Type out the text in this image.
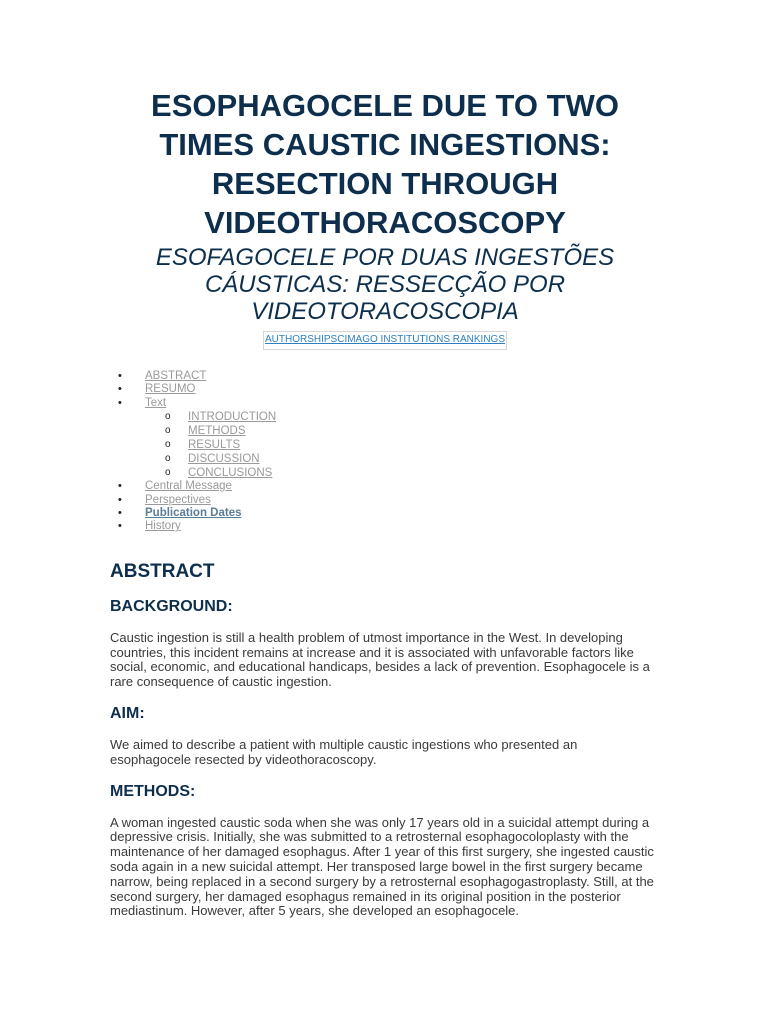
ESOPHAGOCELE DUE TO TWO TIMES CAUSTIC INGESTIONS: RESECTION THROUGH VIDEOTHORACOSCOPY
ESOFAGOCELE POR DUAS INGESTÕES CÁUSTICAS: RESSECÇÃO POR VIDEOTORACOSCOPIA
AUTHORSHIPSCIMAGO INSTITUTIONS RANKINGS
• ABSTRACT
• RESUMO
• Text
o INTRODUCTION
o METHODS
o RESULTS
o DISCUSSION
o CONCLUSIONS
• Central Message
• Perspectives
• Publication Dates
• History
ABSTRACT
BACKGROUND:

Caustic ingestion is still a health problem of utmost importance in the West. In developing countries, this incident remains at increase and it is associated with unfavorable factors like social, economic, and educational handicaps, besides a lack of prevention. Esophagocele is a rare consequence of caustic ingestion.

AIM:

We aimed to describe a patient with multiple caustic ingestions who presented an esophagocele resected by videothoracoscopy.

METHODS:

A woman ingested caustic soda when she was only 17 years old in a suicidal attempt during a depressive crisis. Initially, she was submitted to a retrosternal esophagocoloplasty with the maintenance of her damaged esophagus. After 1 year of this first surgery, she ingested caustic soda again in a new suicidal attempt. Her transposed large bowel in the first surgery became narrow, being replaced in a second surgery by a retrosternal esophagogastroplasty. Still, at the second surgery, her damaged esophagus remained in its original position in the posterior mediastinum. However, after 5 years, she developed an esophagocele.
